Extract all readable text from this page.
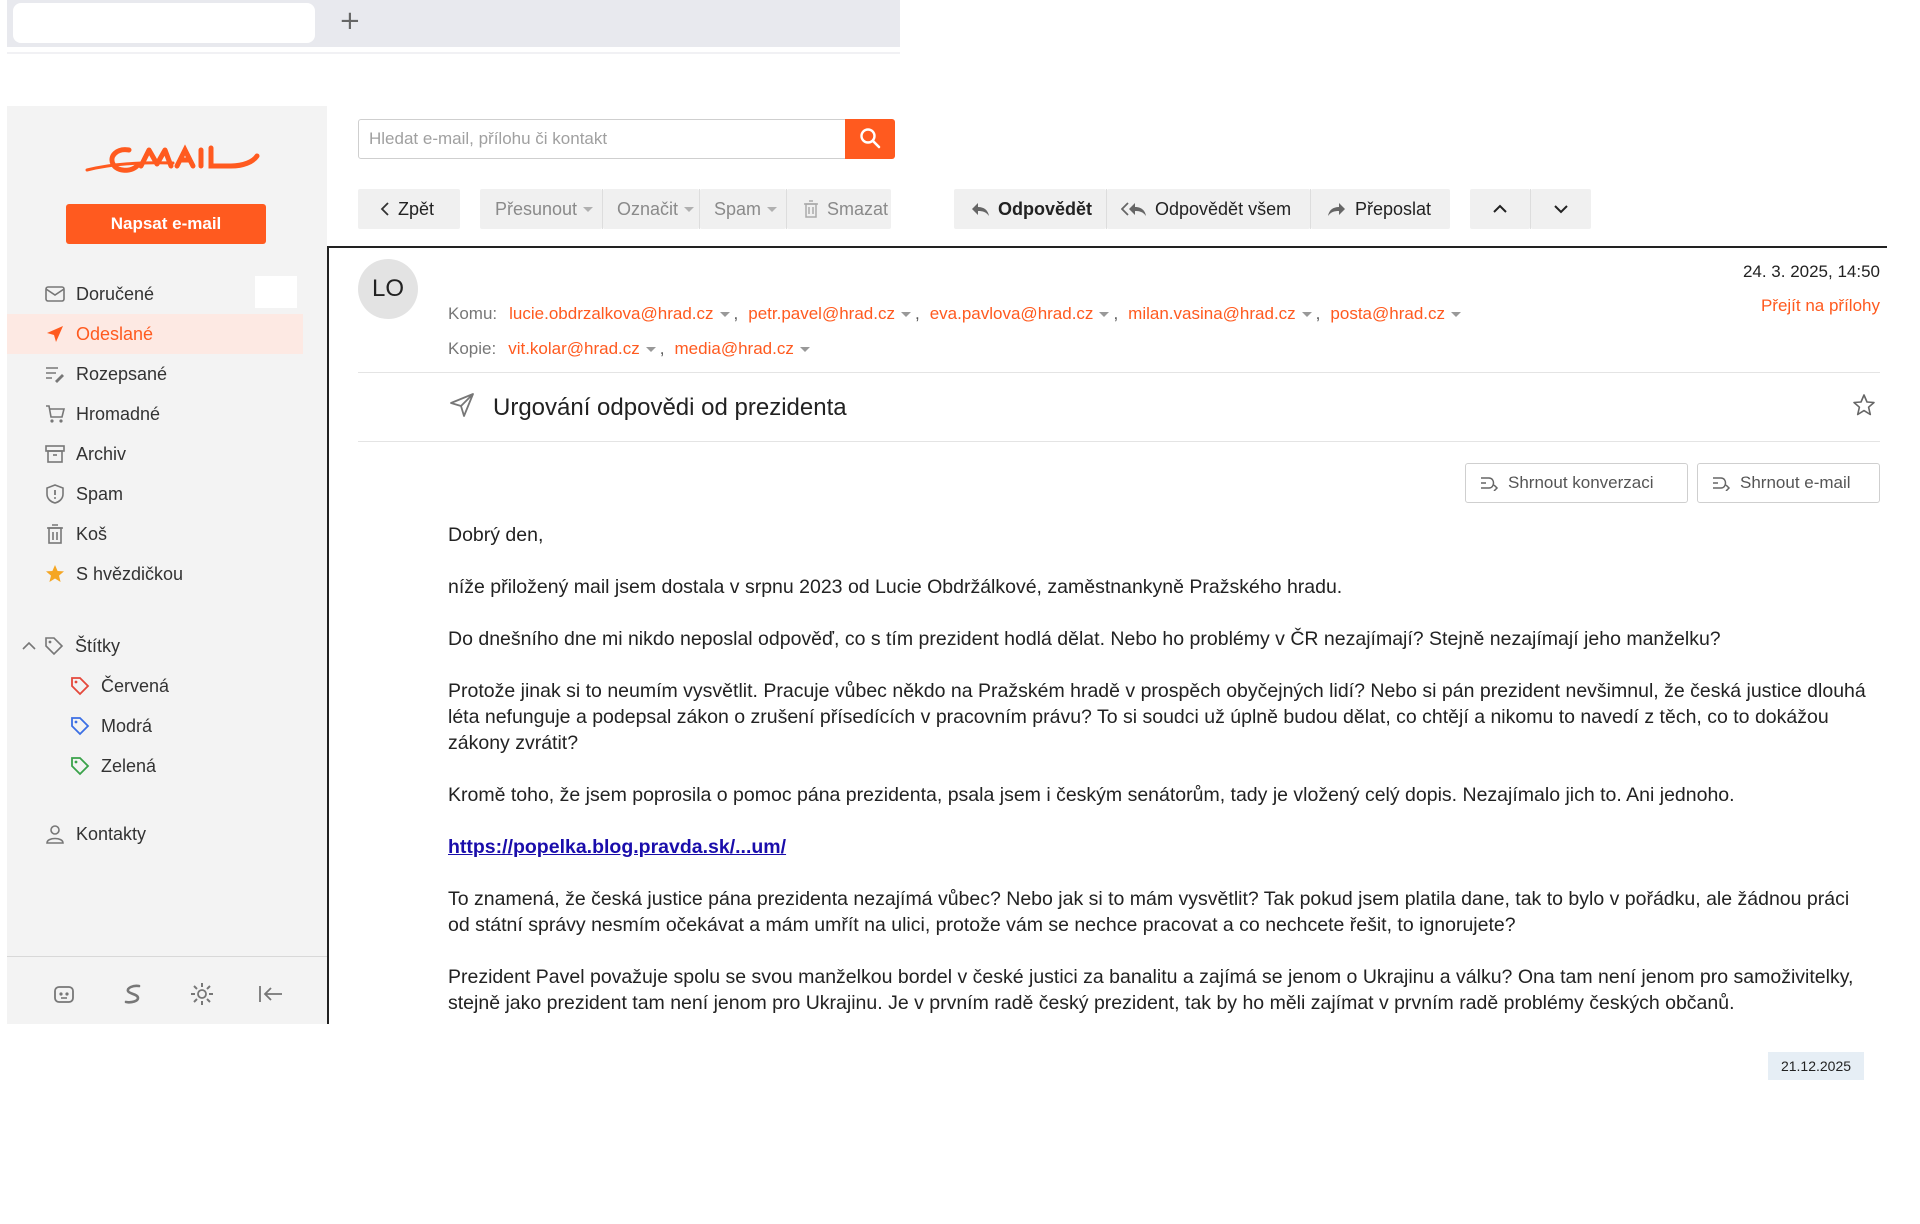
+
Napsat e-mail
Doručené
Odeslané
Rozepsané
Hromadné
Archiv
Spam
Koš
S hvězdičkou
Štítky
Červená
Modrá
Zelená
Kontakty
Hledat e-mail, přílohu či kontakt
Zpět	Přesunout Označit Spam	Smazat	Odpovědět	Odpovědět všem	Přeposlat
LO
24. 3. 2025, 14:50
Přejít na přílohy
Komu: lucie.obdrzalkova@hrad.cz , petr.pavel@hrad.cz , eva.pavlova@hrad.cz , milan.vasina@hrad.cz , posta@hrad.cz
Kopie: vit.kolar@hrad.cz , media@hrad.cz
Urgování odpovědi od prezidenta
Shrnout konverzaci	Shrnout e-mail

Dobrý den,

níže přiložený mail jsem dostala v srpnu 2023 od Lucie Obdržálkové, zaměstnankyně Pražského hradu.

Do dnešního dne mi nikdo neposlal odpověď, co s tím prezident hodlá dělat. Nebo ho problémy v ČR nezajímají? Stejně nezajímají jeho manželku?

Protože jinak si to neumím vysvětlit. Pracuje vůbec někdo na Pražském hradě v prospěch obyčejných lidí? Nebo si pán prezident nevšimnul, že česká justice dlouhá léta nefunguje a podepsal zákon o zrušení přísedících v pracovním právu? To si soudci už úplně budou dělat, co chtějí a nikomu to navedí z těch, co to dokážou zákony zvrátit?

Kromě toho, že jsem poprosila o pomoc pána prezidenta, psala jsem i českým senátorům, tady je vložený celý dopis. Nezajímalo jich to. Ani jednoho.

https://popelka.blog.pravda.sk/...um/

To znamená, že česká justice pána prezidenta nezajímá vůbec? Nebo jak si to mám vysvětlit? Tak pokud jsem platila dane, tak to bylo v pořádku, ale žádnou práci od státní správy nesmím očekávat a mám umřít na ulici, protože vám se nechce pracovat a co nechcete řešit, to ignorujete?

Prezident Pavel považuje spolu se svou manželkou bordel v české justici za banalitu a zajímá se jenom o Ukrajinu a válku? Ona tam není jenom pro samoživitelky, stejně jako prezident tam není jenom pro Ukrajinu. Je v prvním radě český prezident, tak by ho měli zajímat v prvním radě problémy českých občanů.

21.12.2025
